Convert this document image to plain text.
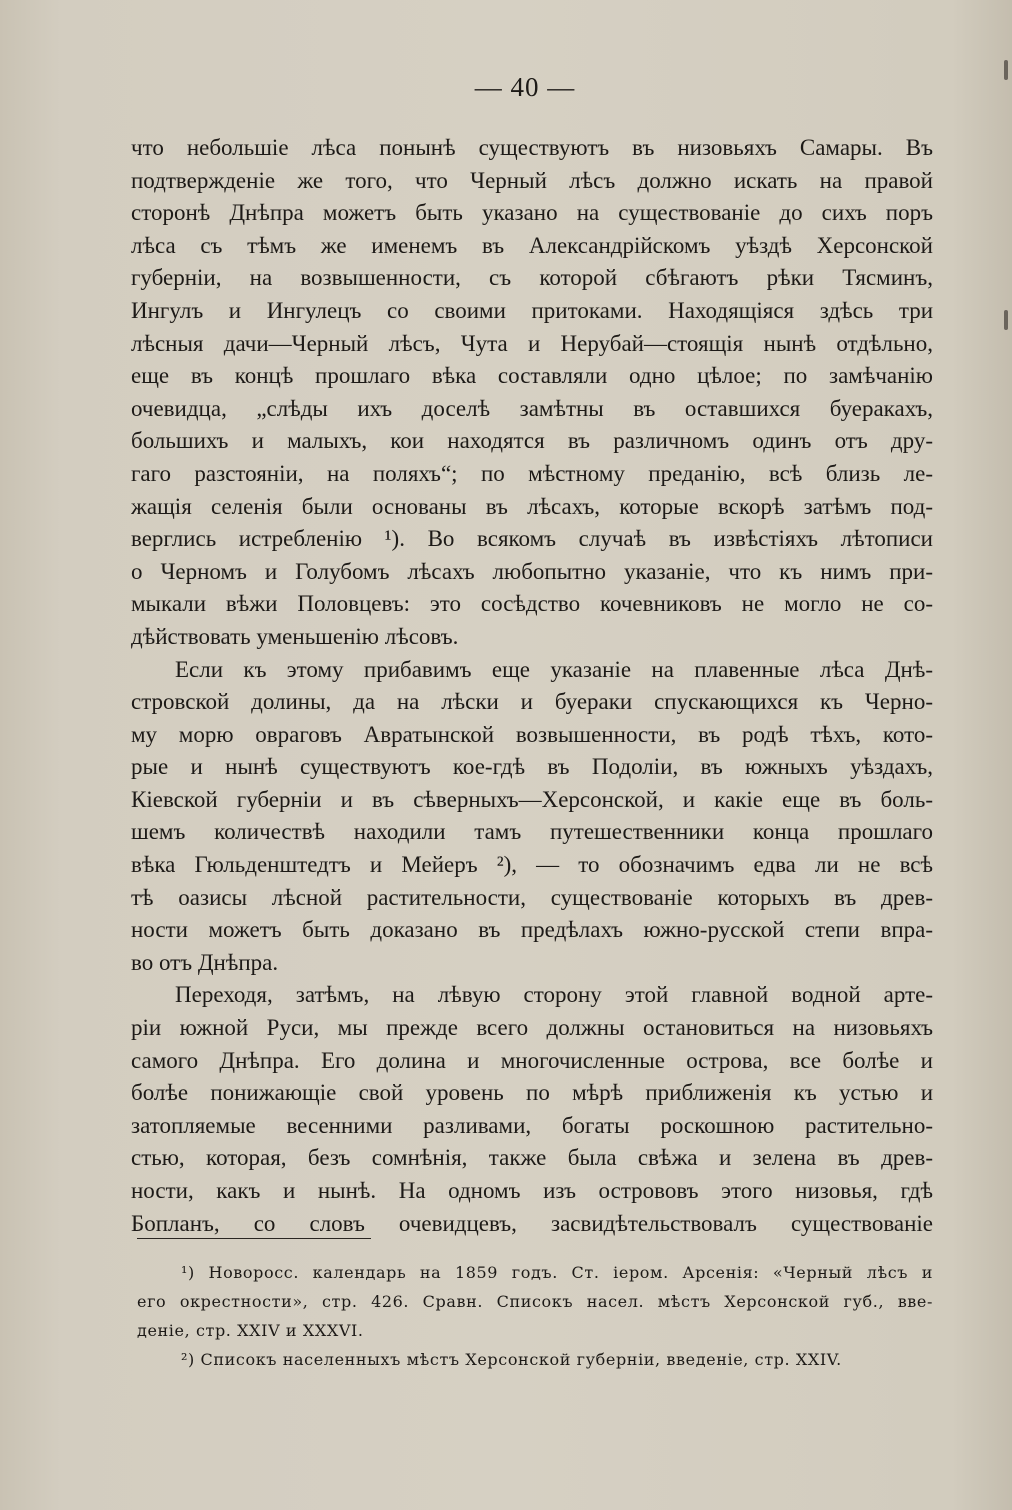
— 40 —
что небольшіе лѣса понынѣ существуютъ въ низовьяхъ Самары. Въ
подтвержденіе же того, что Черный лѣсъ должно искать на правой
сторонѣ Днѣпра можетъ быть указано на существованіе до сихъ поръ
лѣса съ тѣмъ же именемъ въ Александрійскомъ уѣздѣ Херсонской
губерніи, на возвышенности, съ которой сбѣгаютъ рѣки Тясминъ,
Ингулъ и Ингулецъ со своими притоками. Находящіяся здѣсь три
лѣсныя дачи—Черный лѣсъ, Чута и Нерубай—стоящія нынѣ отдѣльно,
еще въ концѣ прошлаго вѣка составляли одно цѣлое; по замѣчанію
очевидца, „слѣды ихъ доселѣ замѣтны въ оставшихся буеракахъ,
большихъ и малыхъ, кои находятся въ различномъ одинъ отъ дру-
гаго разстояніи, на поляхъ“; по мѣстному преданію, всѣ близь ле-
жащія селенія были основаны въ лѣсахъ, которые вскорѣ затѣмъ под-
верглись истребленію ¹). Во всякомъ случаѣ въ извѣстіяхъ лѣтописи
о Черномъ и Голубомъ лѣсахъ любопытно указаніе, что къ нимъ при-
мыкали вѣжи Половцевъ: это сосѣдство кочевниковъ не могло не со-
дѣйствовать уменьшенію лѣсовъ.
Если къ этому прибавимъ еще указаніе на плавенные лѣса Днѣ-
стровской долины, да на лѣски и буераки спускающихся къ Черно-
му морю овраговъ Авратынской возвышенности, въ родѣ тѣхъ, кото-
рые и нынѣ существуютъ кое-гдѣ въ Подоліи, въ южныхъ уѣздахъ,
Кіевской губерніи и въ сѣверныхъ—Херсонской, и какіе еще въ боль-
шемъ количествѣ находили тамъ путешественники конца прошлаго
вѣка Гюльденштедтъ и Мейеръ ²), — то обозначимъ едва ли не всѣ
тѣ оазисы лѣсной растительности, существованіе которыхъ въ древ-
ности можетъ быть доказано въ предѣлахъ южно-русской степи впра-
во отъ Днѣпра.
Переходя, затѣмъ, на лѣвую сторону этой главной водной арте-
ріи южной Руси, мы прежде всего должны остановиться на низовьяхъ
самого Днѣпра. Его долина и многочисленные острова, все болѣе и
болѣе понижающіе свой уровень по мѣрѣ приближенія къ устью и
затопляемые весенними разливами, богаты роскошною растительно-
стью, которая, безъ сомнѣнія, также была свѣжа и зелена въ древ-
ности, какъ и нынѣ. На одномъ изъ острововъ этого низовья, гдѣ
Бопланъ, со словъ очевидцевъ, засвидѣтельствовалъ существованіе
¹) Новоросс. календарь на 1859 годъ. Ст. іером. Арсенія: «Черный лѣсъ и
его окрестности», стр. 426. Сравн. Списокъ насел. мѣстъ Херсонской губ., вве-
деніе, стр. XXIV и XXXVI.
²) Списокъ населенныхъ мѣстъ Херсонской губерніи, введеніе, стр. XXIV.
